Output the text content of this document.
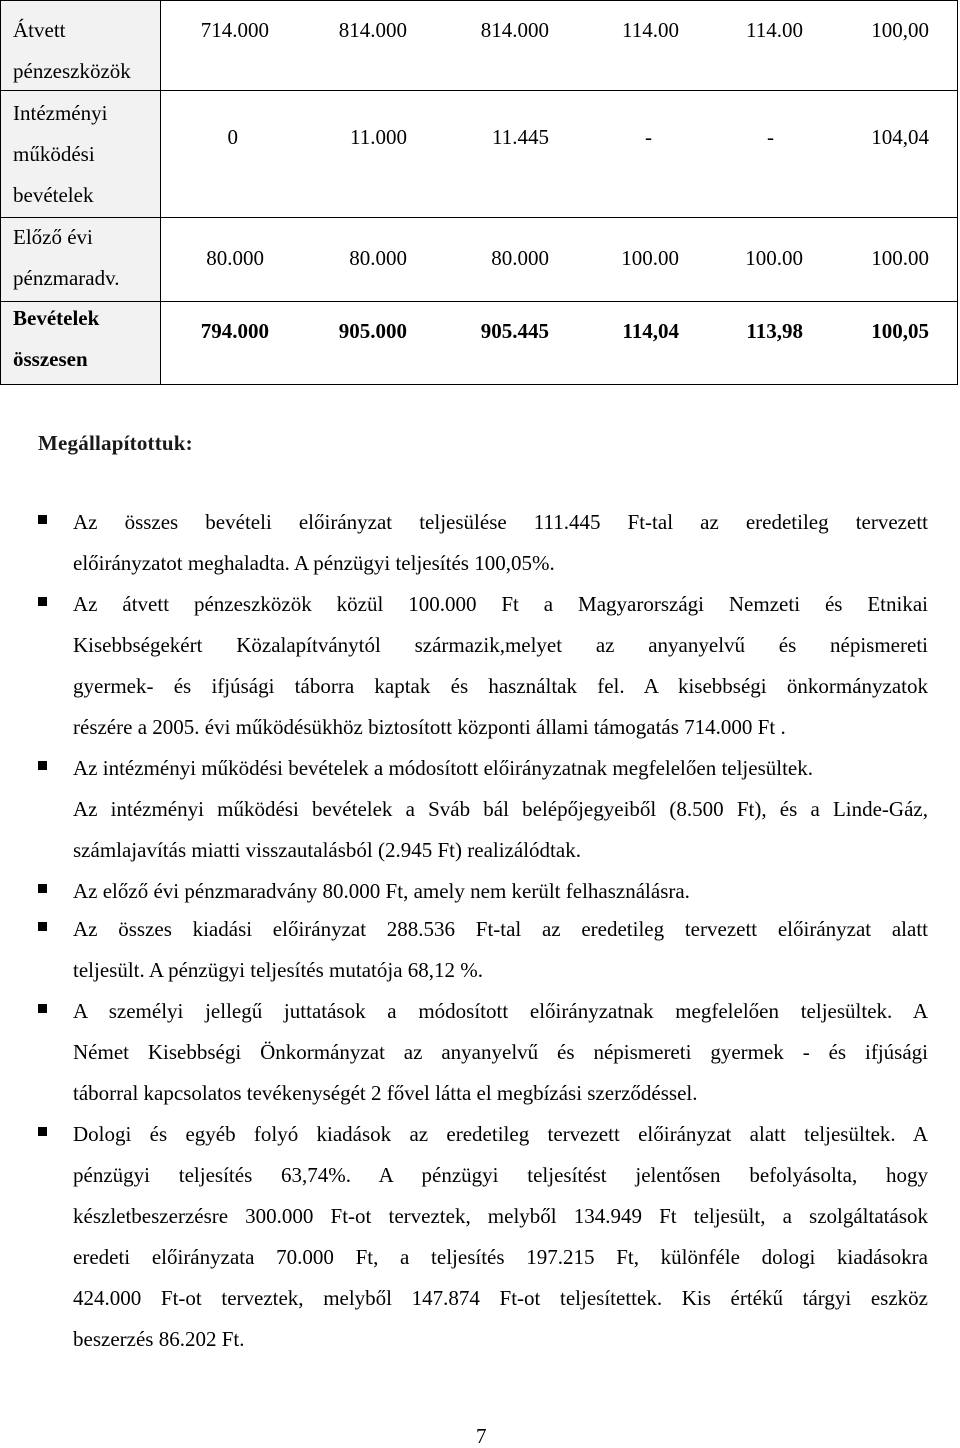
Átvett
pénzeszközök
714.000	814.000	814.000	114.00	114.00	100,00
Intézményi
működési
bevételek
0	11.000	11.445	-	-	104,04
Előző évi
pénzmaradv.
80.000	80.000	80.000	100.00	100.00	100.00
Bevételek
összesen
794.000	905.000	905.445	114,04	113,98	100,05
Megállapítottuk:
Az összes bevételi előirányzat teljesülése 111.445 Ft-tal az eredetileg tervezett
előirányzatot meghaladta. A pénzügyi teljesítés 100,05%.
Az átvett pénzeszközök közül 100.000 Ft a Magyarországi Nemzeti és Etnikai
Kisebbségekért Közalapítványtól származik,melyet az anyanyelvű és népismereti
gyermek- és ifjúsági táborra kaptak és használtak fel. A kisebbségi önkormányzatok
részére a 2005. évi működésükhöz biztosított központi állami támogatás 714.000 Ft .
Az intézményi működési bevételek a módosított előirányzatnak megfelelően teljesültek.
Az intézményi működési bevételek a Sváb bál belépőjegyeiből (8.500 Ft), és a Linde-Gáz,
számlajavítás miatti visszautalásból (2.945 Ft) realizálódtak.
Az előző évi pénzmaradvány 80.000 Ft, amely nem került felhasználásra.
Az összes kiadási előirányzat 288.536 Ft-tal az eredetileg tervezett előirányzat alatt
teljesült. A pénzügyi teljesítés mutatója 68,12 %.
A személyi jellegű juttatások a módosított előirányzatnak megfelelően teljesültek. A
Német Kisebbségi Önkormányzat az anyanyelvű és népismereti gyermek - és ifjúsági
táborral kapcsolatos tevékenységét 2 fővel látta el megbízási szerződéssel.
Dologi és egyéb folyó kiadások az eredetileg tervezett előirányzat alatt teljesültek. A
pénzügyi teljesítés 63,74%. A pénzügyi teljesítést jelentősen befolyásolta, hogy
készletbeszerzésre 300.000 Ft-ot terveztek, melyből 134.949 Ft teljesült, a szolgáltatások
eredeti előirányzata 70.000 Ft, a teljesítés 197.215 Ft, különféle dologi kiadásokra
424.000 Ft-ot terveztek, melyből 147.874 Ft-ot teljesítettek. Kis értékű tárgyi eszköz
beszerzés 86.202 Ft.
7
